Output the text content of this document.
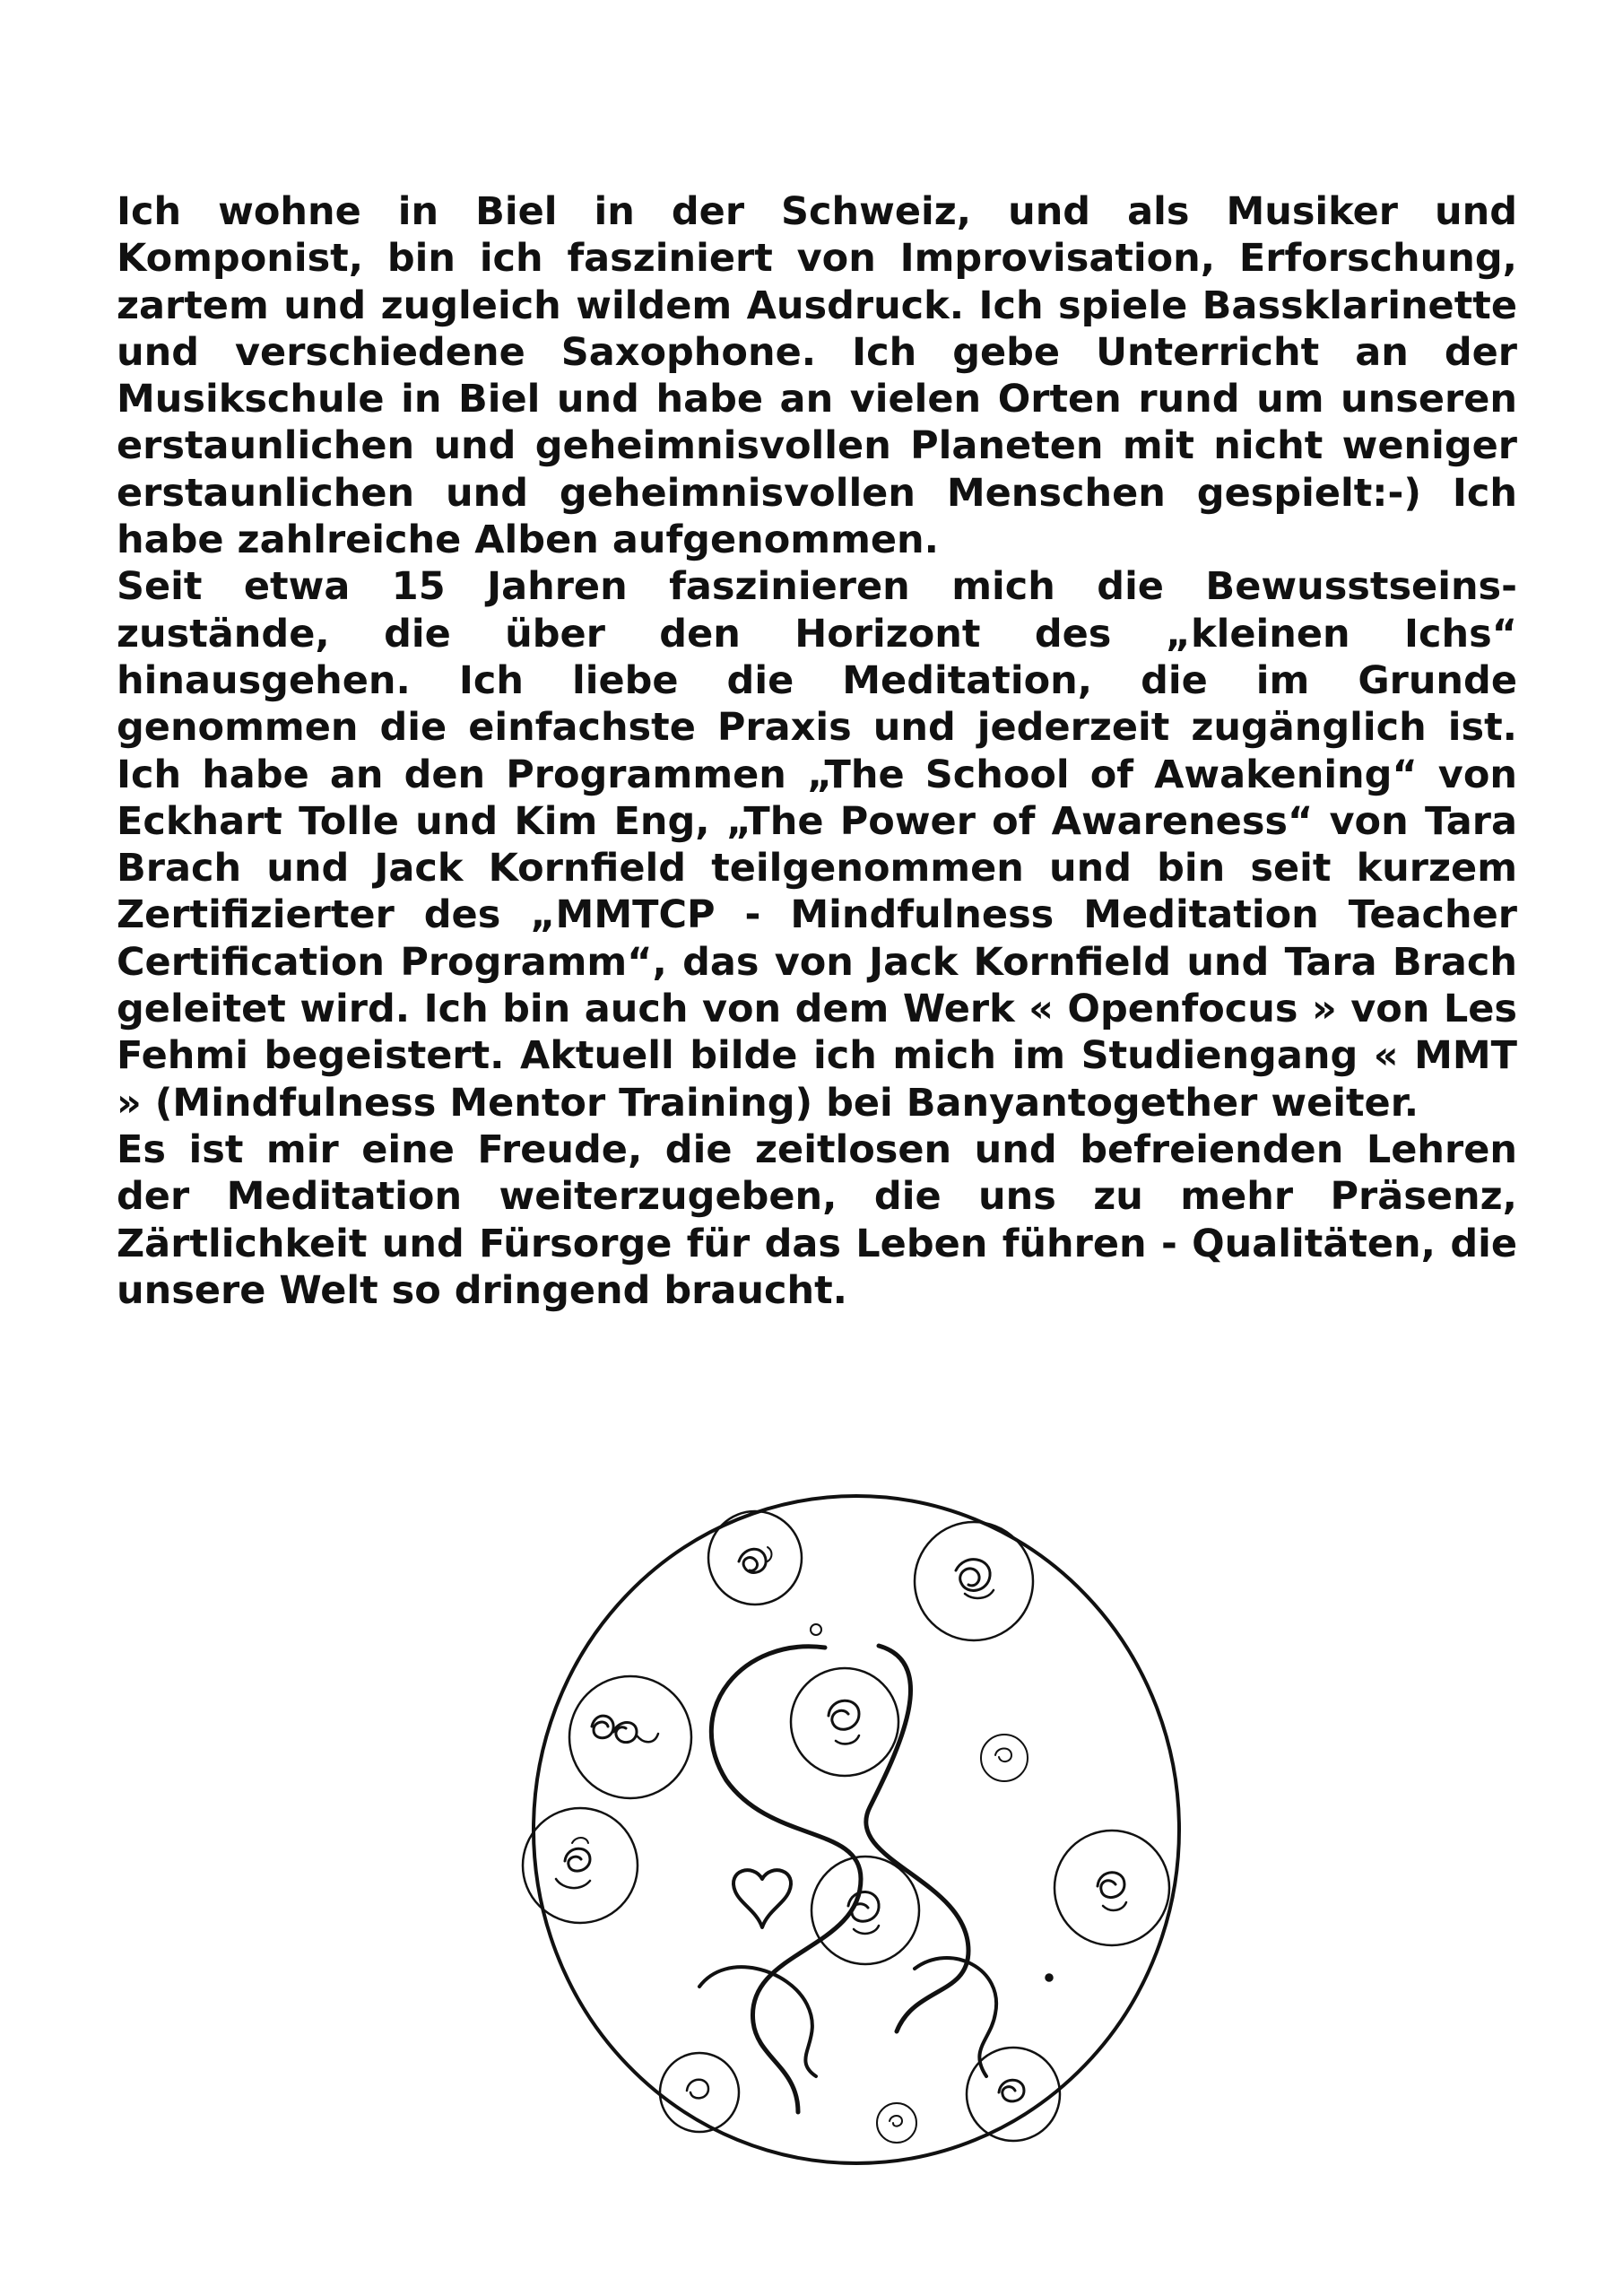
Ich wohne in Biel in der Schweiz, und als Musiker und Komponist, bin ich fasziniert von Improvisation, Erforschung, zartem und zugleich wildem Ausdruck. Ich spiele Bassklarinette und verschiedene Saxophone. Ich gebe Unterricht an der Musikschule in Biel und habe an vielen Orten rund um unseren erstaunlichen und geheimnisvollen Planeten mit nicht weniger erstaunlichen und geheimnisvollen Menschen gespielt:-) Ich habe zahlreiche Alben aufgenommen.

Seit etwa 15 Jahren faszinieren mich die Bewusstseins-zustände, die über den Horizont des „kleinen Ichs“ hinausgehen. Ich liebe die Meditation, die im Grunde genommen die einfachste Praxis und jederzeit zugänglich ist. Ich habe an den Programmen „The School of Awakening“ von Eckhart Tolle und Kim Eng, „The Power of Awareness“ von Tara Brach und Jack Kornfield teilgenommen und bin seit kurzem Zertifizierter des „MMTCP - Mindfulness Meditation Teacher Certification Programm“, das von Jack Kornfield und Tara Brach geleitet wird. Ich bin auch von dem Werk « Openfocus » von Les Fehmi begeistert. Aktuell bilde ich mich im Studiengang « MMT » (Mindfulness Mentor Training) bei Banyantogether weiter.

Es ist mir eine Freude, die zeitlosen und befreienden Lehren der Meditation weiterzugeben, die uns zu mehr Präsenz, Zärtlichkeit und Fürsorge für das Leben führen - Qualitäten, die unsere Welt so dringend braucht.
